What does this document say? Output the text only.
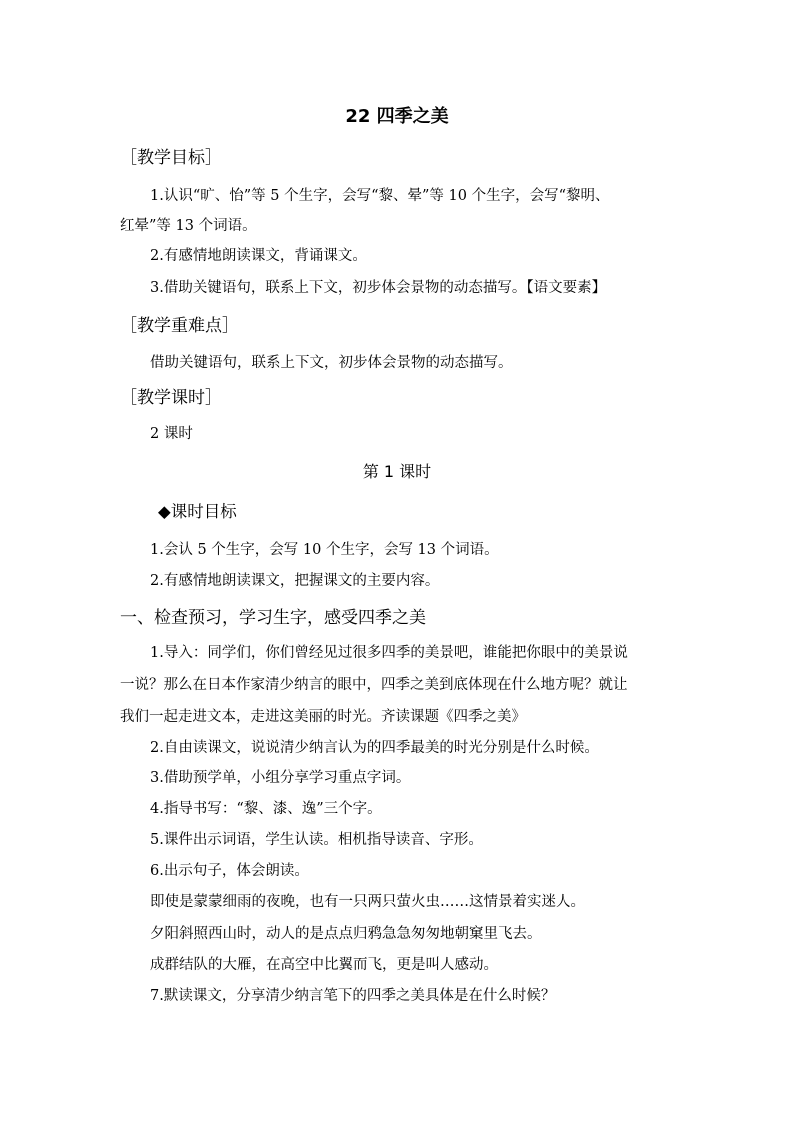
22 四季之美
［教学目标］
1.认识“旷、怡”等 5 个生字，会写“黎、晕”等 10 个生字，会写“黎明、
红晕”等 13 个词语。
2.有感情地朗读课文，背诵课文。
3.借助关键语句，联系上下文，初步体会景物的动态描写。【语文要素】
［教学重难点］
借助关键语句，联系上下文，初步体会景物的动态描写。
［教学课时］
2 课时
第 1 课时
◆课时目标
1.会认 5 个生字，会写 10 个生字，会写 13 个词语。
2.有感情地朗读课文，把握课文的主要内容。
一、检查预习，学习生字，感受四季之美
1.导入：同学们，你们曾经见过很多四季的美景吧，谁能把你眼中的美景说
一说？那么在日本作家清少纳言的眼中，四季之美到底体现在什么地方呢？就让
我们一起走进文本，走进这美丽的时光。齐读课题《四季之美》
2.自由读课文，说说清少纳言认为的四季最美的时光分别是什么时候。
3.借助预学单，小组分享学习重点字词。
4.指导书写：“黎、漆、逸”三个字。
5.课件出示词语，学生认读。相机指导读音、字形。
6.出示句子，体会朗读。
即使是蒙蒙细雨的夜晚，也有一只两只萤火虫……这情景着实迷人。
夕阳斜照西山时，动人的是点点归鸦急急匆匆地朝窠里飞去。
成群结队的大雁，在高空中比翼而飞，更是叫人感动。
7.默读课文，分享清少纳言笔下的四季之美具体是在什么时候？
